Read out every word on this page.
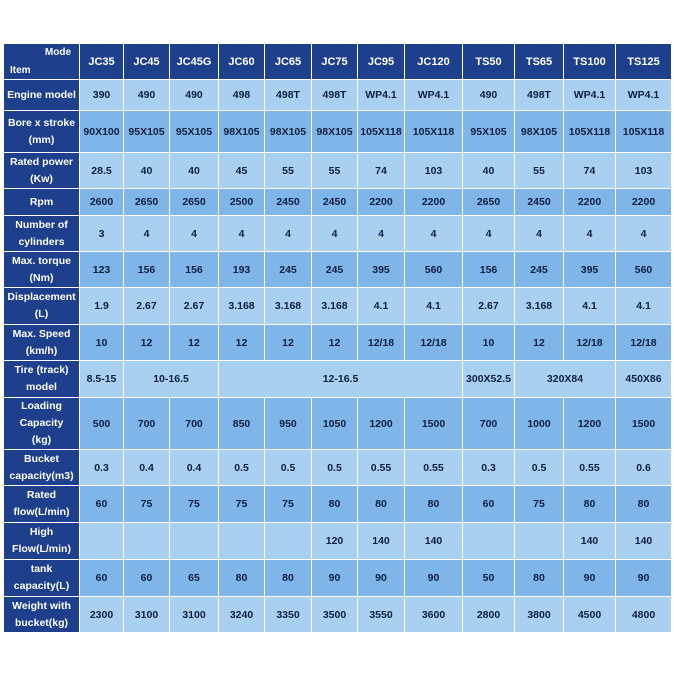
Mode
Item	JC35	JC45	JC45G	JC60	JC65	JC75	JC95	JC120	TS50	TS65	TS100	TS125
Engine model	390	490	490	498	498T	498T	WP4.1	WP4.1	490	498T	WP4.1	WP4.1
Bore x stroke
(mm)	90X100	95X105	95X105	98X105	98X105	98X105	105X118	105X118	95X105	98X105	105X118	105X118
Rated power
(Kw)	28.5	40	40	45	55	55	74	103	40	55	74	103
Rpm	2600	2650	2650	2500	2450	2450	2200	2200	2650	2450	2200	2200
Number of
cylinders	3	4	4	4	4	4	4	4	4	4	4	4
Max. torque
(Nm)	123	156	156	193	245	245	395	560	156	245	395	560
Displacement
(L)	1.9	2.67	2.67	3.168	3.168	3.168	4.1	4.1	2.67	3.168	4.1	4.1
Max. Speed
(km/h)	10	12	12	12	12	12	12/18	12/18	10	12	12/18	12/18
Tire (track)
model	8.5-15	10-16.5		12-16.5					300X52.5	320X84		450X86
Loading
Capacity
(kg)	500	700	700	850	950	1050	1200	1500	700	1000	1200	1500
Bucket
capacity(m3)	0.3	0.4	0.4	0.5	0.5	0.5	0.55	0.55	0.3	0.5	0.55	0.6
Rated
flow(L/min)	60	75	75	75	75	80	80	80	60	75	80	80
High
Flow(L/min)						120	140	140			140	140
tank
capacity(L)	60	60	65	80	80	90	90	90	50	80	90	90
Weight with
bucket(kg)	2300	3100	3100	3240	3350	3500	3550	3600	2800	3800	4500	4800
